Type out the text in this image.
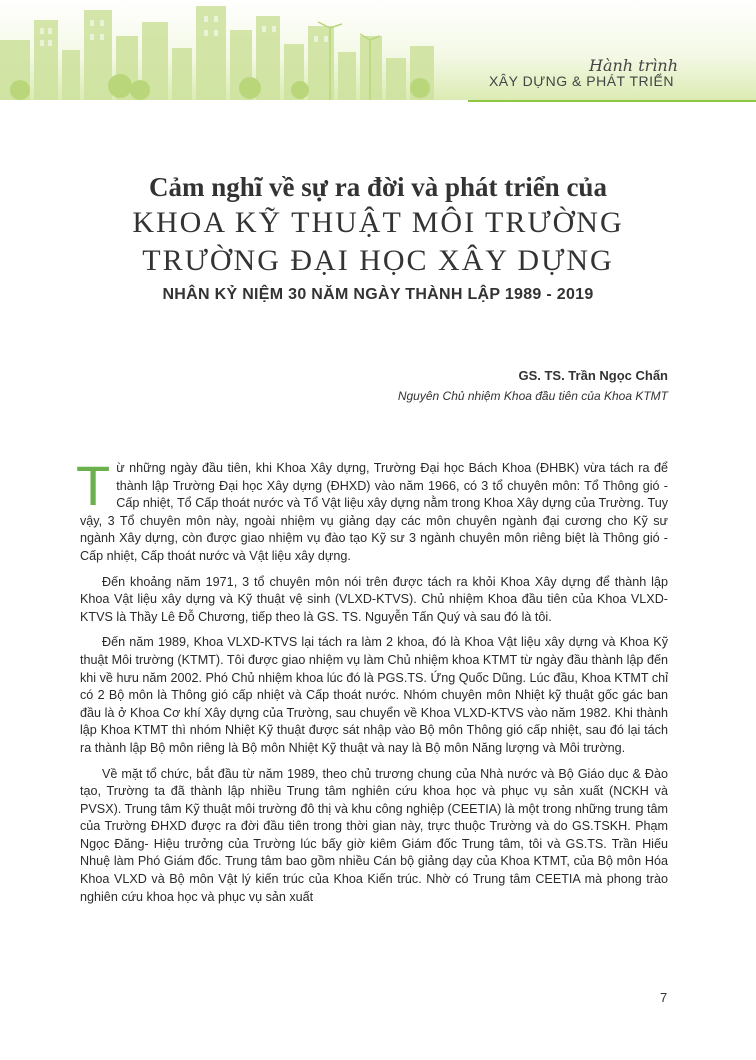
Hành trình
XÂY DỰNG & PHÁT TRIỂN
Cảm nghĩ về sự ra đời và phát triển của
KHOA KỸ THUẬT MÔI TRƯỜNG
TRƯỜNG ĐẠI HỌC XÂY DỰNG
NHÂN KỶ NIỆM 30 NĂM NGÀY THÀNH LẬP 1989 - 2019
GS. TS. Trần Ngọc Chấn
Nguyên Chủ nhiệm Khoa đầu tiên của Khoa KTMT

Từ những ngày đầu tiên, khi Khoa Xây dựng, Trường Đại học Bách Khoa (ĐHBK) vừa tách ra để thành lập Trường Đại học Xây dựng (ĐHXD) vào năm 1966, có 3 tổ chuyên môn: Tổ Thông gió - Cấp nhiệt, Tổ Cấp thoát nước và Tổ Vật liệu xây dựng nằm trong Khoa Xây dựng của Trường. Tuy vậy, 3 Tổ chuyên môn này, ngoài nhiệm vụ giảng dạy các môn chuyên ngành đại cương cho Kỹ sư ngành Xây dựng, còn được giao nhiệm vụ đào tạo Kỹ sư 3 ngành chuyên môn riêng biệt là Thông gió - Cấp nhiệt, Cấp thoát nước và Vật liệu xây dựng.

Đến khoảng năm 1971, 3 tổ chuyên môn nói trên được tách ra khỏi Khoa Xây dựng để thành lập Khoa Vật liệu xây dựng và Kỹ thuật vệ sinh (VLXD-KTVS). Chủ nhiệm Khoa đầu tiên của Khoa VLXD-KTVS là Thầy Lê Đỗ Chương, tiếp theo là GS. TS. Nguyễn Tấn Quý và sau đó là tôi.

Đến năm 1989, Khoa VLXD-KTVS lại tách ra làm 2 khoa, đó là Khoa Vật liệu xây dựng và Khoa Kỹ thuật Môi trường (KTMT). Tôi được giao nhiệm vụ làm Chủ nhiệm khoa KTMT từ ngày đầu thành lập đến khi về hưu năm 2002. Phó Chủ nhiệm khoa lúc đó là PGS.TS. Ứng Quốc Dũng. Lúc đầu, Khoa KTMT chỉ có 2 Bộ môn là Thông gió cấp nhiệt và Cấp thoát nước. Nhóm chuyên môn Nhiệt kỹ thuật gốc gác ban đầu là ở Khoa Cơ khí Xây dựng của Trường, sau chuyển về Khoa VLXD-KTVS vào năm 1982. Khi thành lập Khoa KTMT thì nhóm Nhiệt Kỹ thuật được sát nhập vào Bộ môn Thông gió cấp nhiệt, sau đó lại tách ra thành lập Bộ môn riêng là Bộ môn Nhiệt Kỹ thuật và nay là Bộ môn Năng lượng và Môi trường.

Về mặt tổ chức, bắt đầu từ năm 1989, theo chủ trương chung của Nhà nước và Bộ Giáo dục & Đào tạo, Trường ta đã thành lập nhiều Trung tâm nghiên cứu khoa học và phục vụ sản xuất (NCKH và PVSX). Trung tâm Kỹ thuật môi trường đô thị và khu công nghiệp (CEETIA) là một trong những trung tâm của Trường ĐHXD được ra đời đầu tiên trong thời gian này, trực thuộc Trường và do GS.TSKH. Phạm Ngọc Đăng- Hiệu trưởng của Trường lúc bấy giờ kiêm Giám đốc Trung tâm, tôi và GS.TS. Trần Hiếu Nhuệ làm Phó Giám đốc. Trung tâm bao gồm nhiều Cán bộ giảng dạy của Khoa KTMT, của Bộ môn Hóa Khoa VLXD và Bộ môn Vật lý kiến trúc của Khoa Kiến trúc. Nhờ có Trung tâm CEETIA mà phong trào nghiên cứu khoa học và phục vụ sản xuất

7
